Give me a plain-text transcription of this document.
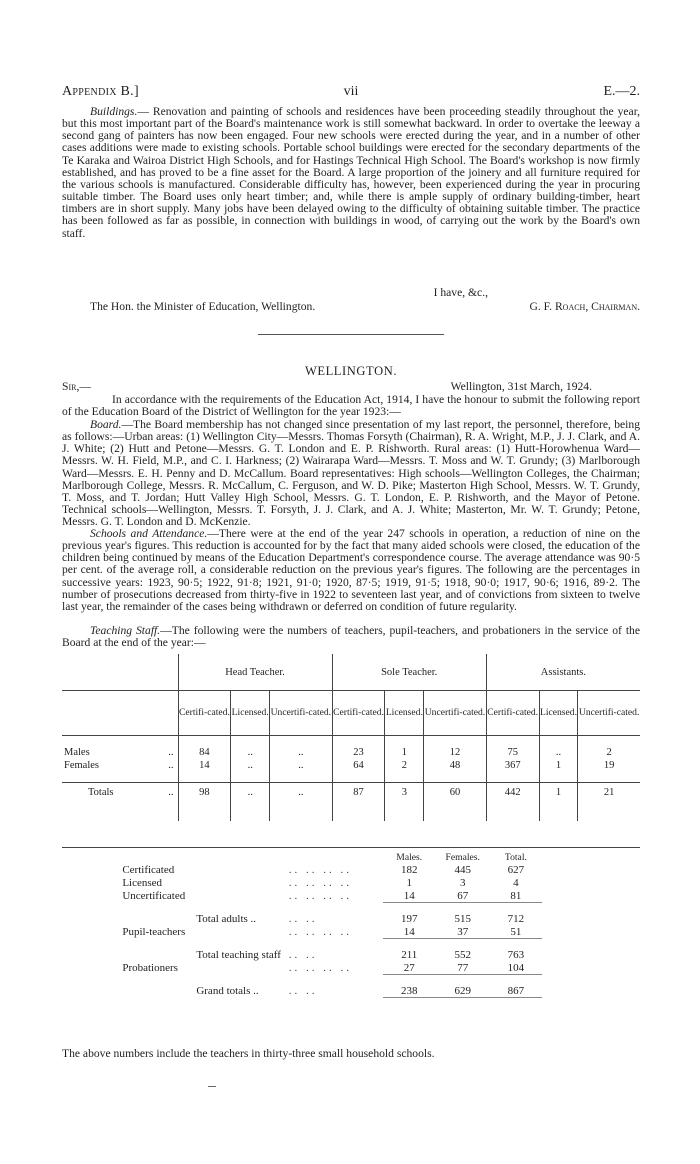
Appendix B.]	vii	E.—2.

Buildings.— Renovation and painting of schools and residences have been proceeding steadily throughout the year, but this most important part of the Board's maintenance work is still somewhat backward. In order to overtake the leeway a second gang of painters has now been engaged. Four new schools were erected during the year, and in a number of other cases additions were made to existing schools. Portable school buildings were erected for the secondary departments of the Te Karaka and Wairoa District High Schools, and for Hastings Technical High School. The Board's workshop is now firmly established, and has proved to be a fine asset for the Board. A large proportion of the joinery and all furniture required for the various schools is manufactured. Considerable difficulty has, however, been experienced during the year in procuring suitable timber. The Board uses only heart timber; and, while there is ample supply of ordinary building-timber, heart timbers are in short supply. Many jobs have been delayed owing to the difficulty of obtaining suitable timber. The practice has been followed as far as possible, in connection with buildings in wood, of carrying out the work by the Board's own staff.

I have, &c.,
The Hon. the Minister of Education, Wellington.	G. F. Roach, Chairman.
WELLINGTON.
Sir,—	Wellington, 31st March, 1924.

In accordance with the requirements of the Education Act, 1914, I have the honour to submit the following report of the Education Board of the District of Wellington for the year 1923:—

Board.—The Board membership has not changed since presentation of my last report, the personnel, therefore, being as follows:—Urban areas: (1) Wellington City—Messrs. Thomas Forsyth (Chairman), R. A. Wright, M.P., J. J. Clark, and A. J. White; (2) Hutt and Petone—Messrs. G. T. London and E. P. Rishworth. Rural areas: (1) Hutt-Horowhenua Ward—Messrs. W. H. Field, M.P., and C. I. Harkness; (2) Wairarapa Ward—Messrs. T. Moss and W. T. Grundy; (3) Marlborough Ward—Messrs. E. H. Penny and D. McCallum. Board representatives: High schools—Wellington Colleges, the Chairman; Marlborough College, Messrs. R. McCallum, C. Ferguson, and W. D. Pike; Masterton High School, Messrs. W. T. Grundy, T. Moss, and T. Jordan; Hutt Valley High School, Messrs. G. T. London, E. P. Rishworth, and the Mayor of Petone. Technical schools—Wellington, Messrs. T. Forsyth, J. J. Clark, and A. J. White; Masterton, Mr. W. T. Grundy; Petone, Messrs. G. T. London and D. McKenzie.

Schools and Attendance.—There were at the end of the year 247 schools in operation, a reduction of nine on the previous year's figures. This reduction is accounted for by the fact that many aided schools were closed, the education of the children being continued by means of the Education Department's correspondence course. The average attendance was 90·5 per cent. of the average roll, a considerable reduction on the previous year's figures. The following are the percentages in successive years: 1923, 90·5; 1922, 91·8; 1921, 91·0; 1920, 87·5; 1919, 91·5; 1918, 90·0; 1917, 90·6; 1916, 89·2. The number of prosecutions decreased from thirty-five in 1922 to seventeen last year, and of convictions from sixteen to twelve last year, the remainder of the cases being withdrawn or deferred on condition of future regularity.

Teaching Staff.—The following were the numbers of teachers, pupil-teachers, and probationers in the service of the Board at the end of the year:—

		Head Teacher.			Sole Teacher.			Assistants.		
		Certifi-cated.	Licensed.	Uncertifi-cated.	Certifi-cated.	Licensed.	Uncertifi-cated.	Certifi-cated.	Licensed.	Uncertifi-cated.

Males	..	84	..	..	23	1	12	75	..	2
Females	..	14	..	..	64	2	48	367	1	19

Totals	..	98	..	..	87	3	60	442	1	21

			Males.	Females.	Total.
	Certificated	.. .. .. ..	182	445	627
	Licensed	.. .. .. ..	1	3	4
	Uncertificated	.. .. .. ..	14	67	81

	Total adults ..	.. ..	197	515	712
	Pupil-teachers	.. .. .. ..	14	37	51

	Total teaching staff	.. ..	211	552	763
	Probationers	.. .. .. ..	27	77	104

	Grand totals ..	.. ..	238	629	867
The above numbers include the teachers in thirty-three small household schools.
